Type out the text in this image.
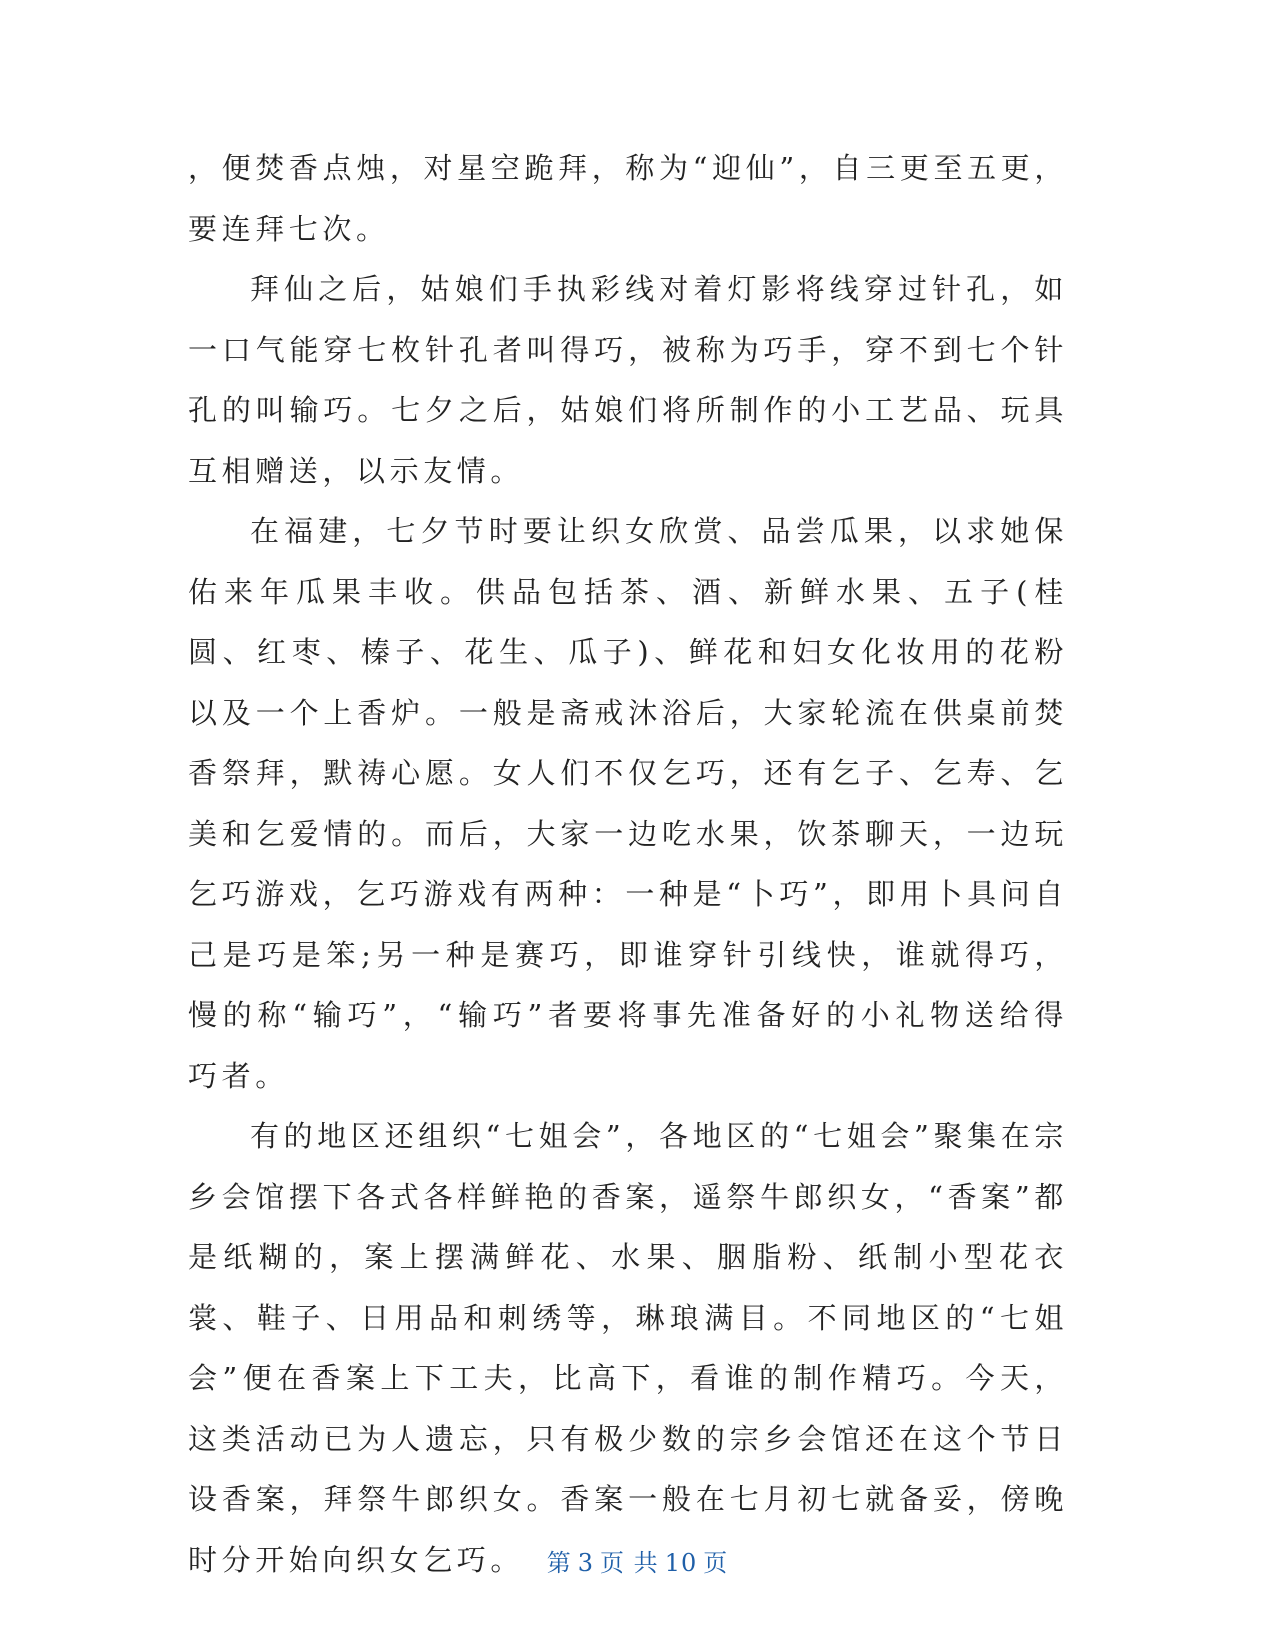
，便焚香点烛，对星空跪拜，称为“迎仙”，自三更至五更，要连拜七次。

拜仙之后，姑娘们手执彩线对着灯影将线穿过针孔，如一口气能穿七枚针孔者叫得巧，被称为巧手，穿不到七个针孔的叫输巧。七夕之后，姑娘们将所制作的小工艺品、玩具互相赠送，以示友情。

在福建，七夕节时要让织女欣赏、品尝瓜果，以求她保佑来年瓜果丰收。供品包括茶、酒、新鲜水果、五子(桂圆、红枣、榛子、花生、瓜子)、鲜花和妇女化妆用的花粉以及一个上香炉。一般是斋戒沐浴后，大家轮流在供桌前焚香祭拜，默祷心愿。女人们不仅乞巧，还有乞子、乞寿、乞美和乞爱情的。而后，大家一边吃水果，饮茶聊天，一边玩乞巧游戏，乞巧游戏有两种：一种是“卜巧”，即用卜具问自己是巧是笨;另一种是赛巧，即谁穿针引线快，谁就得巧，慢的称“输巧”，“输巧”者要将事先准备好的小礼物送给得巧者。

有的地区还组织“七姐会”，各地区的“七姐会”聚集在宗乡会馆摆下各式各样鲜艳的香案，遥祭牛郎织女，“香案”都是纸糊的，案上摆满鲜花、水果、胭脂粉、纸制小型花衣裳、鞋子、日用品和刺绣等，琳琅满目。不同地区的“七姐会”便在香案上下工夫，比高下，看谁的制作精巧。今天，这类活动已为人遗忘，只有极少数的宗乡会馆还在这个节日设香案，拜祭牛郎织女。香案一般在七月初七就备妥，傍晚时分开始向织女乞巧。 第 3 页 共 10 页
